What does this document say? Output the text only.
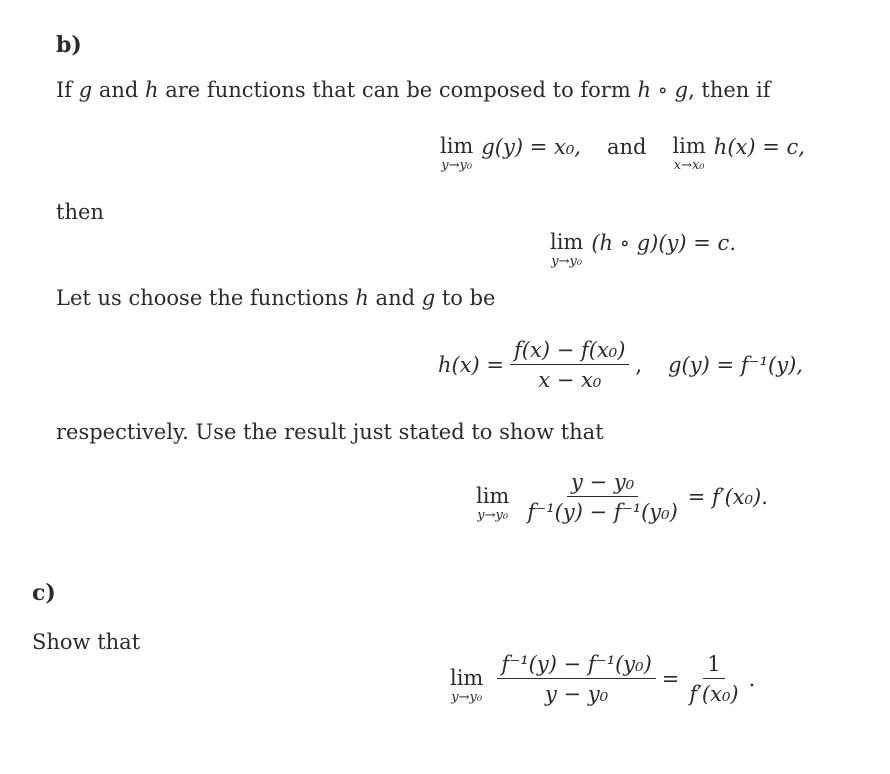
b)
If g and h are functions that can be composed to form h ∘ g, then if
lim
y→y₀
g(y) = x₀, and lim
x→x₀
h(x) = c,
then
lim
y→y₀
(h ∘ g)(y) = c.
Let us choose the functions h and g to be
$h(x) = \frac{\text{f(x) − f(x₀)}}{\text{x − x₀}}$ , g(y) = f⁻¹(y),
respectively. Use the result just stated to show that
lim
$y\to y_0 \frac{\text{y − y₀}}{\text{f⁻¹(y) − f⁻¹(y₀)}} = f'(x_0)$.
c)
Show that
lim
$y\to y_0 \frac{\text{f⁻¹(y) − f⁻¹(y₀)}}{\text{y − y₀}} = \frac{1}{\text{f′(x₀)}}$ .
